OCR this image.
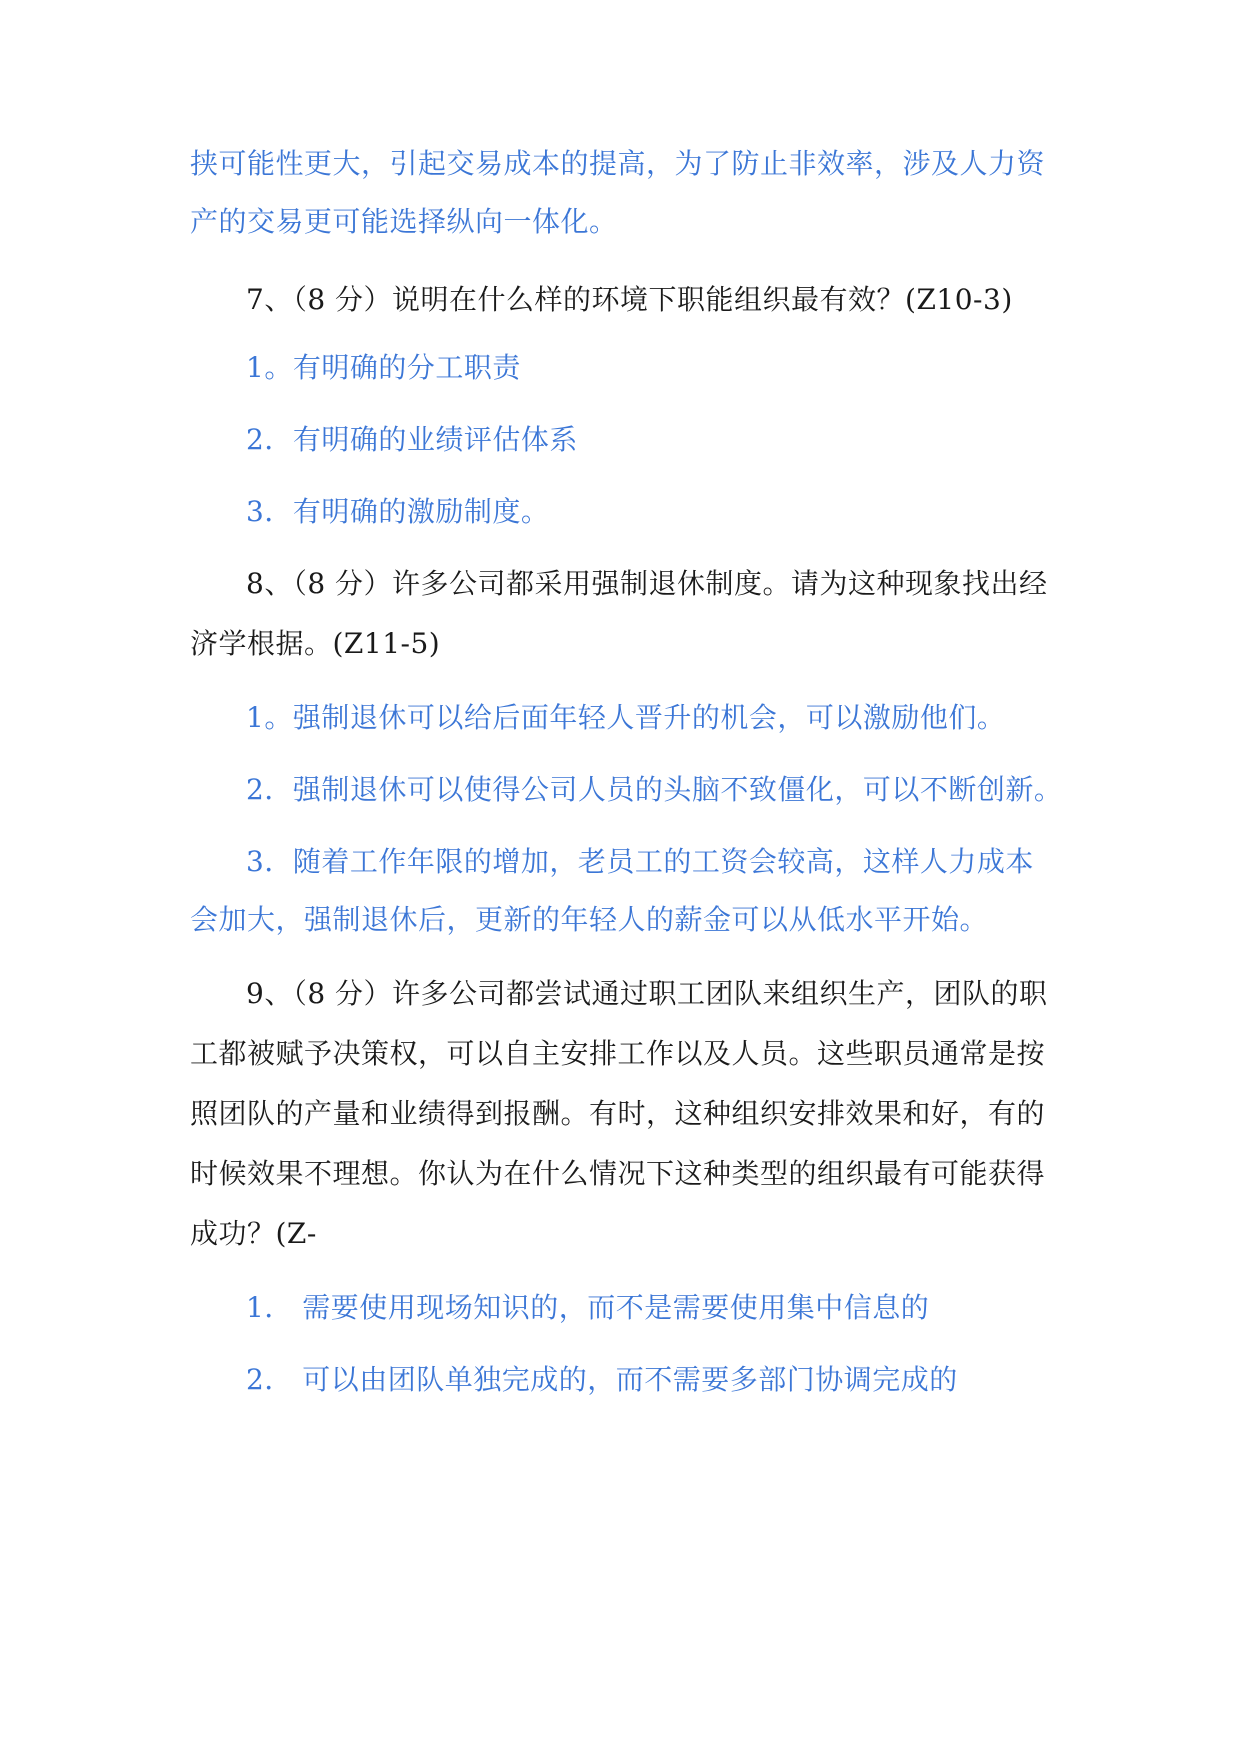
挟可能性更大，引起交易成本的提高，为了防止非效率，涉及人力资
产的交易更可能选择纵向一体化。
7、（8 分）说明在什么样的环境下职能组织最有效？(Z10-3)
1。有明确的分工职责
2．有明确的业绩评估体系
3．有明确的激励制度。
8、（8 分）许多公司都采用强制退休制度。请为这种现象找出经
济学根据。(Z11-5)
1。强制退休可以给后面年轻人晋升的机会，可以激励他们。
2．强制退休可以使得公司人员的头脑不致僵化，可以不断创新。
3．随着工作年限的增加，老员工的工资会较高，这样人力成本
会加大，强制退休后，更新的年轻人的薪金可以从低水平开始。
9、（8 分）许多公司都尝试通过职工团队来组织生产，团队的职
工都被赋予决策权，可以自主安排工作以及人员。这些职员通常是按
照团队的产量和业绩得到报酬。有时，这种组织安排效果和好，有的
时候效果不理想。你认为在什么情况下这种类型的组织最有可能获得
成功？(Z-
1． 需要使用现场知识的，而不是需要使用集中信息的
2． 可以由团队单独完成的，而不需要多部门协调完成的
